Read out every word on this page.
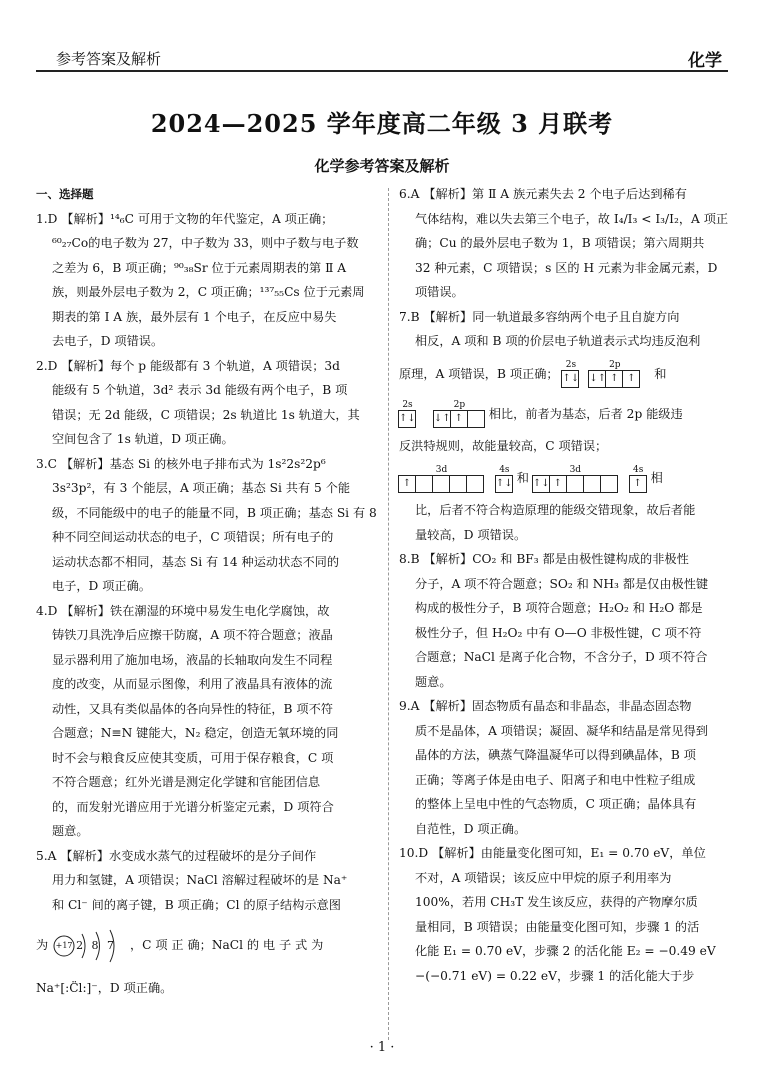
参考答案及解析	化学
2024—2025 学年度高二年级 3 月联考
化学参考答案及解析
一、选择题
1.D 【解析】¹⁴₆C 可用于文物的年代鉴定，A 项正确；
⁶⁰₂₇Co的电子数为 27，中子数为 33，则中子数与电子数
之差为 6，B 项正确；⁹⁰₃₈Sr 位于元素周期表的第 Ⅱ A
族，则最外层电子数为 2，C 项正确；¹³⁷₅₅Cs 位于元素周
期表的第 Ⅰ A 族，最外层有 1 个电子，在反应中易失
去电子，D 项错误。
2.D 【解析】每个 p 能级都有 3 个轨道，A 项错误；3d
能级有 5 个轨道，3d² 表示 3d 能级有两个电子，B 项
错误；无 2d 能级，C 项错误；2s 轨道比 1s 轨道大，其
空间包含了 1s 轨道，D 项正确。
3.C 【解析】基态 Si 的核外电子排布式为 1s²2s²2p⁶
3s²3p²，有 3 个能层，A 项正确；基态 Si 共有 5 个能
级，不同能级中的电子的能量不同，B 项正确；基态 Si 有 8
种不同空间运动状态的电子，C 项错误；所有电子的
运动状态都不相同，基态 Si 有 14 种运动状态不同的
电子，D 项正确。
4.D 【解析】铁在潮湿的环境中易发生电化学腐蚀，故
铸铁刀具洗净后应擦干防腐，A 项不符合题意；液晶
显示器利用了施加电场，液晶的长轴取向发生不同程
度的改变，从而显示图像，利用了液晶具有液体的流
动性，又具有类似晶体的各向异性的特征，B 项不符
合题意；N≡N 键能大，N₂ 稳定，创造无氧环境的同
时不会与粮食反应使其变质，可用于保存粮食，C 项
不符合题意；红外光谱是测定化学键和官能团信息
的，而发射光谱应用于光谱分析鉴定元素，D 项符合
题意。
5.A 【解析】水变成水蒸气的过程破坏的是分子间作
用力和氢键，A 项错误；NaCl 溶解过程破坏的是 Na⁺
和 Cl⁻ 间的离子键，B 项正确；Cl 的原子结构示意图
为 +17 2 8 7 ，C 项 正 确；NaCl 的 电 子 式 为
Na⁺[:C̈l:]⁻，D 项正确。
6.A 【解析】第 Ⅱ A 族元素失去 2 个电子后达到稀有
气体结构，难以失去第三个电子，故 I₄/I₃ < I₃/I₂，A 项正
确；Cu 的最外层电子数为 1，B 项错误；第六周期共
32 种元素，C 项错误；s 区的 H 元素为非金属元素，D
项错误。
7.B 【解析】同一轨道最多容纳两个电子且自旋方向
相反，A 项和 B 项的价层电子轨道表示式均违反泡利
原理，A 项错误，B 项正确；
2s
↑↓

2p
↓↑ ↑ ↑	和
2s
↑↓

2p
↓↑ ↑	相比，前者为基态，后者 2p 能级违
反洪特规则，故能量较高，C 项错误；
3d
↑

4s
↑↓ 和
3d
↑↓ ↑

4s
↑ 相
比，后者不符合构造原理的能级交错现象，故后者能
量较高，D 项错误。
8.B 【解析】CO₂ 和 BF₃ 都是由极性键构成的非极性
分子，A 项不符合题意；SO₂ 和 NH₃ 都是仅由极性键
构成的极性分子，B 项符合题意；H₂O₂ 和 H₂O 都是
极性分子，但 H₂O₂ 中有 O—O 非极性键，C 项不符
合题意；NaCl 是离子化合物，不含分子，D 项不符合
题意。
9.A 【解析】固态物质有晶态和非晶态，非晶态固态物
质不是晶体，A 项错误；凝固、凝华和结晶是常见得到
晶体的方法，碘蒸气降温凝华可以得到碘晶体，B 项
正确；等离子体是由电子、阳离子和电中性粒子组成
的整体上呈电中性的气态物质，C 项正确；晶体具有
自范性，D 项正确。
10.D 【解析】由能量变化图可知，E₁ = 0.70 eV，单位
不对，A 项错误；该反应中甲烷的原子利用率为
100%，若用 CH₃T 发生该反应，获得的产物摩尔质
量相同，B 项错误；由能量变化图可知，步骤 1 的活
化能 E₁ = 0.70 eV，步骤 2 的活化能 E₂ = −0.49 eV
−(−0.71 eV) = 0.22 eV，步骤 1 的活化能大于步
· 1 ·
